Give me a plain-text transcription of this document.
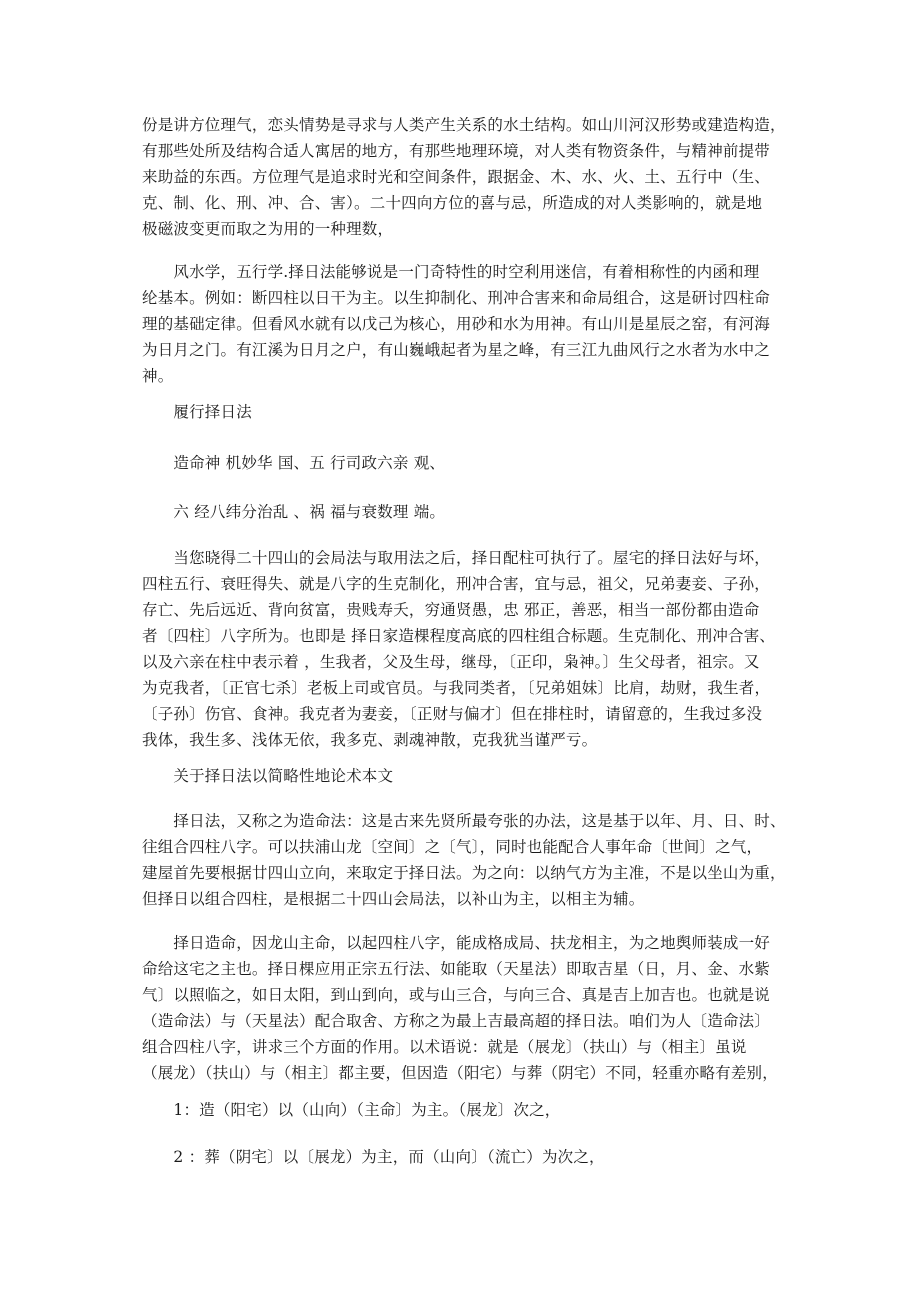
份是讲方位理气，恋头情势是寻求与人类产生关系的水土结构。如山川河汉形势或建造构造，
有那些处所及结构合适人寓居的地方，有那些地理环境，对人类有物资条件，与精神前提带
来助益的东西。方位理气是追求时光和空间条件，跟据金、木、水、火、土、五行中（生、
克、制、化、刑、冲、合、害）。二十四向方位的喜与忌，所造成的对人类影响的，就是地
极磁波变更而取之为用的一种理数，
　　风水学，五行学.择日法能够说是一门奇特性的时空利用迷信，有着相称性的内函和理
纶基本。例如：断四柱以日干为主。以生抑制化、刑冲合害来和命局组合，这是研讨四柱命
理的基础定律。但看风水就有以戊己为核心，用砂和水为用神。有山川是星辰之窑，有河海
为日月之门。有江溪为日月之户，有山巍峨起者为星之峰，有三江九曲风行之水者为水中之
神。
　　履行择日法
　　造命神 机妙华 国、五 行司政六亲 观、
　　六 经八纬分治乱 、祸 福与衰数理 端。
　　当您晓得二十四山的会局法与取用法之后，择日配柱可执行了。屋宅的择日法好与坏，
四柱五行、衰旺得失、就是八字的生克制化，刑冲合害，宜与忌，祖父，兄弟妻妾、子孙，
存亡、先后远近、背向贫富，贵贱寿夭，穷通贤愚，忠 邪正，善恶，相当一部份都由造命
者〔四柱〕八字所为。也即是 择日家造棵程度高底的四柱组合标题。生克制化、刑冲合害、
以及六亲在柱中表示着 ，生我者，父及生母，继母，〔正印，枭神。〕生父母者，祖宗。又
为克我者，〔正官七杀〕老板上司或官员。与我同类者，〔兄弟姐妹〕比肩，劫财，我生者，
〔子孙〕伤官、食神。我克者为妻妾，〔正财与偏才〕但在排柱时，请留意的，生我过多没
我体，我生多、浅体无依，我多克、剥魂神散，克我犹当谨严亏。
　　关于择日法以简略性地论术本文
　　择日法，又称之为造命法：这是古来先贤所最夸张的办法，这是基于以年、月、日、时、
往组合四柱八字。可以扶浦山龙〔空间〕之〔气〕，同时也能配合人事年命〔世间〕之气，
建屋首先要根据廿四山立向，来取定于择日法。为之向：以纳气方为主准，不是以坐山为重，
但择日以组合四柱，是根据二十四山会局法，以补山为主，以相主为辅。
　　择日造命，因龙山主命，以起四柱八字，能成格成局、扶龙相主，为之地舆师装成一好
命给这宅之主也。择日棵应用正宗五行法、如能取（天星法）即取吉星（日，月、金、水紫
气〕以照临之，如日太阳，到山到向，或与山三合，与向三合、真是吉上加吉也。也就是说
（造命法）与（天星法）配合取舍、方称之为最上吉最高超的择日法。咱们为人〔造命法〕
组合四柱八字，讲求三个方面的作用。以术语说：就是（展龙〕（扶山）与（相主〕虽说
（展龙）（扶山）与（相主〕都主要，但因造（阳宅）与葬（阴宅）不同，轻重亦略有差别，
　　1：造（阳宅）以（山向）（主命〕为主。（展龙〕次之，
　　2 ：葬（阴宅〕以〔展龙）为主，而（山向〕（流亡）为次之，
